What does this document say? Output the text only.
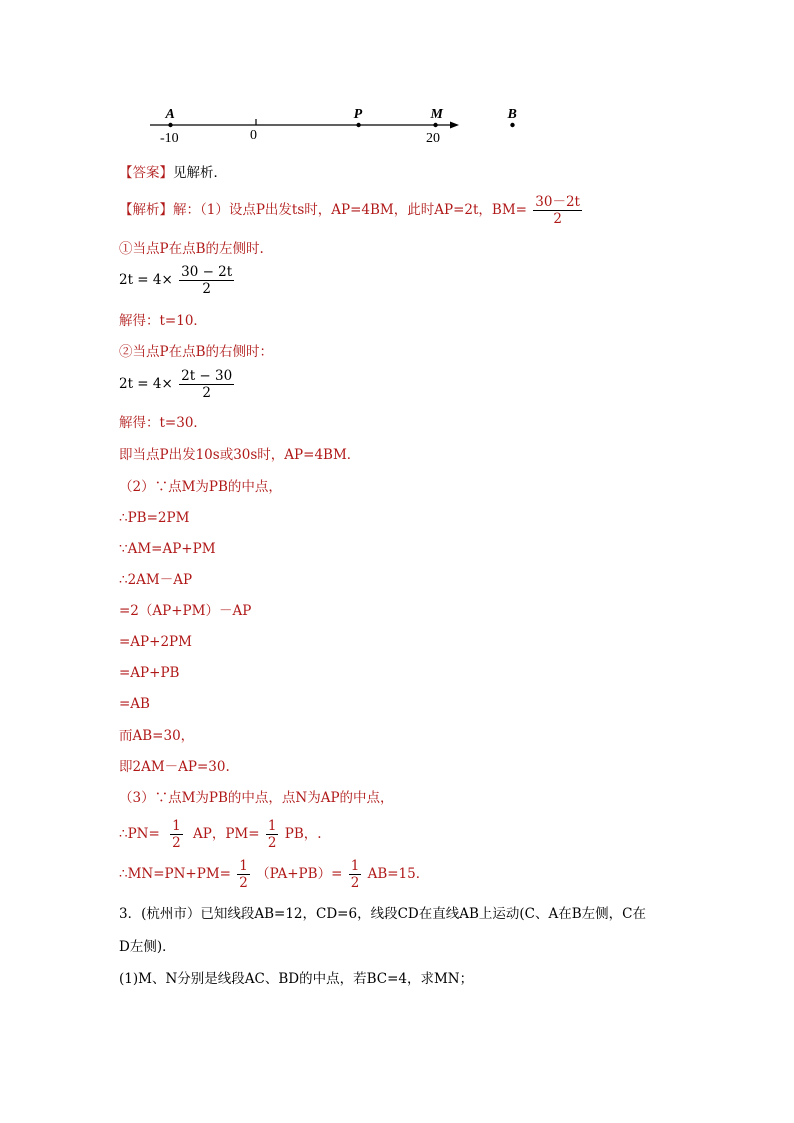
A	P	M	B
-10	0	20
【答案】见解析．
【解析】解：（1）设点P出发ts时，AP=4BM，此时AP=2t，$BM= \frac{30-2t}{2}$
①当点P在点B的左侧时.
$2t = 4\times \frac{30 - 2t}{2}$
解得：t=10．
②当点P在点B的右侧时：
$2t = 4\times \frac{2t - 30}{2}$
解得：t=30．
即当点P出发10s或30s时，AP=4BM．
（2）∵点M为PB的中点，
∴PB=2PM
∵AM=AP+PM
∴2AM－AP
=2（AP+PM）－AP
=AP+2PM
=AP+PB
=AB
而AB=30，
即2AM－AP=30.
（3）∵点M为PB的中点，点N为AP的中点，
∴PN= $\frac{1}{2}$ AP，$PM= \frac{1}{2}$ PB，.
∴MN=PN+PM= $\frac{1}{2} (PA+PB)= \frac{1}{2} AB=15$．
3．(杭州市）已知线段AB=12，CD=6，线段CD在直线AB上运动(C、A在B左侧，C在
D左侧)．
(1)M、N分别是线段AC、BD的中点，若BC=4，求MN；
